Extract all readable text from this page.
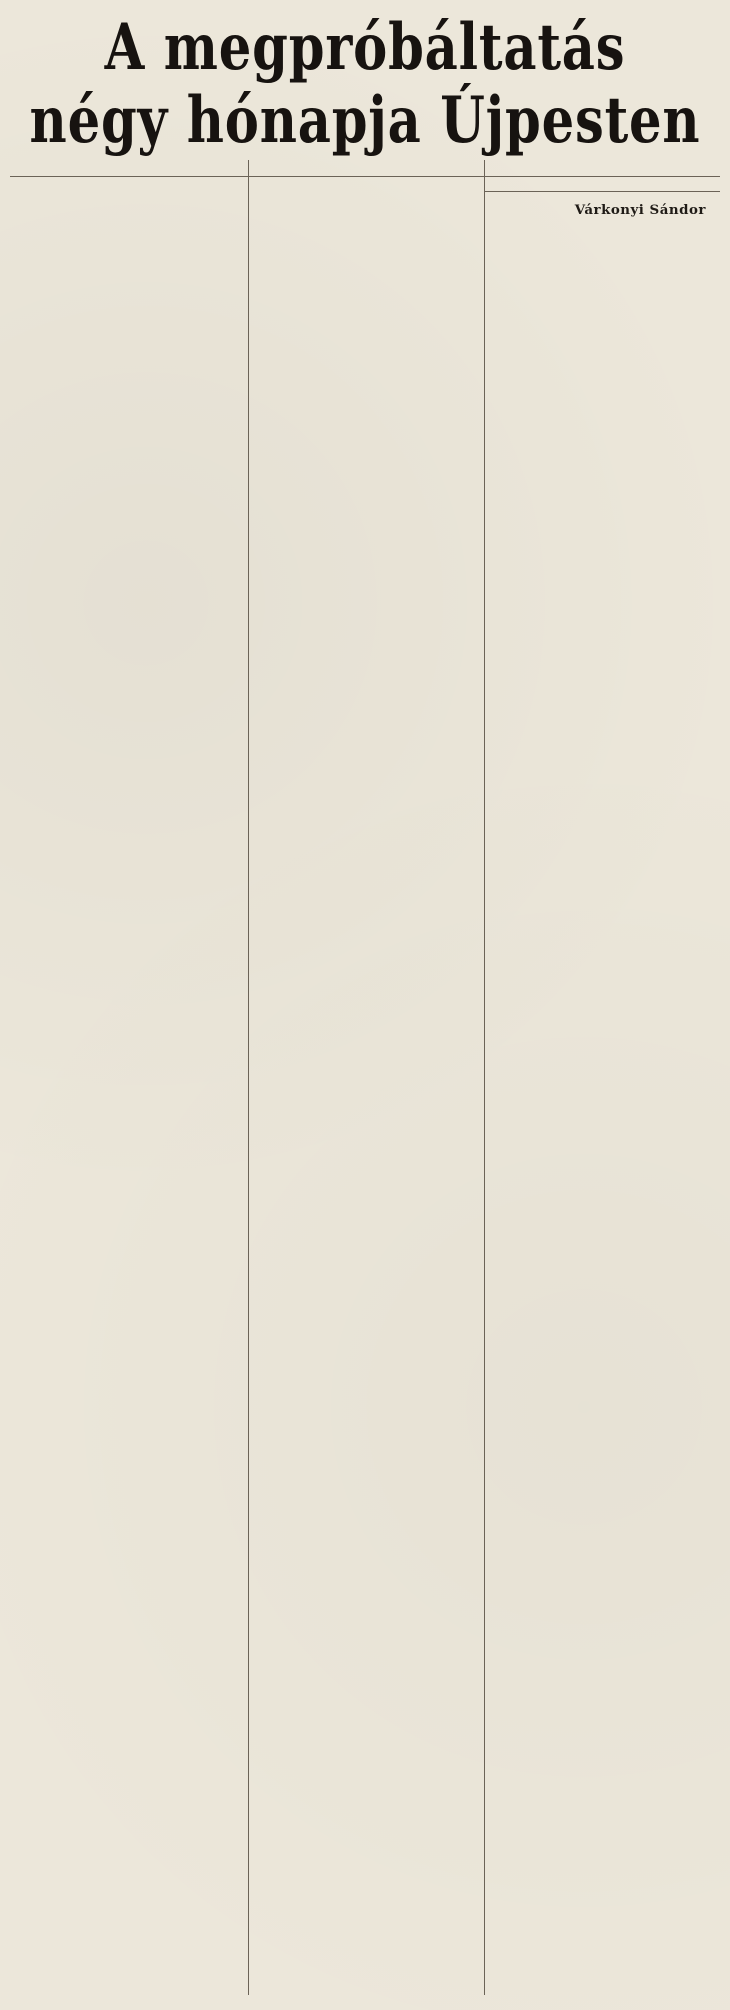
A megpróbáltatás
négy hónapja Újpesten

Várkonyi Sándor
